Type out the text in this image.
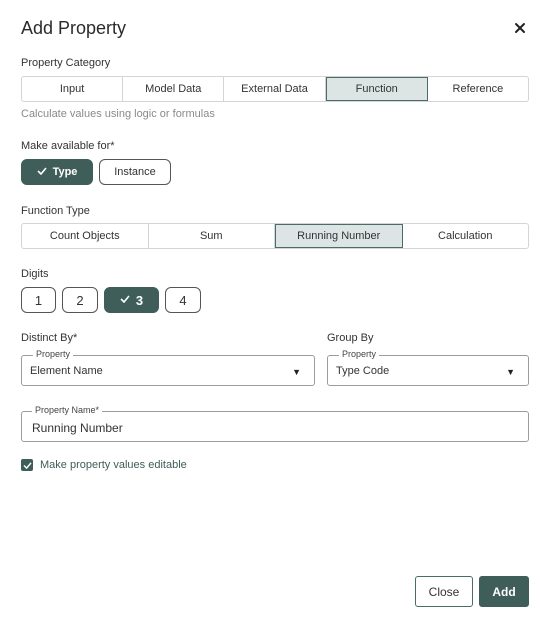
Add Property
Property Category
Input	Model Data	External Data	Function	Reference
Calculate values using logic or formulas
Make available for*
Type	Instance
Function Type
Count Objects	Sum	Running Number	Calculation
Digits
1	2	3	4
Distinct By*	Group By
Property
Element Name	▼
Property
Type Code	▼
Property Name*
Running Number
Make property values editable
Close	Add
